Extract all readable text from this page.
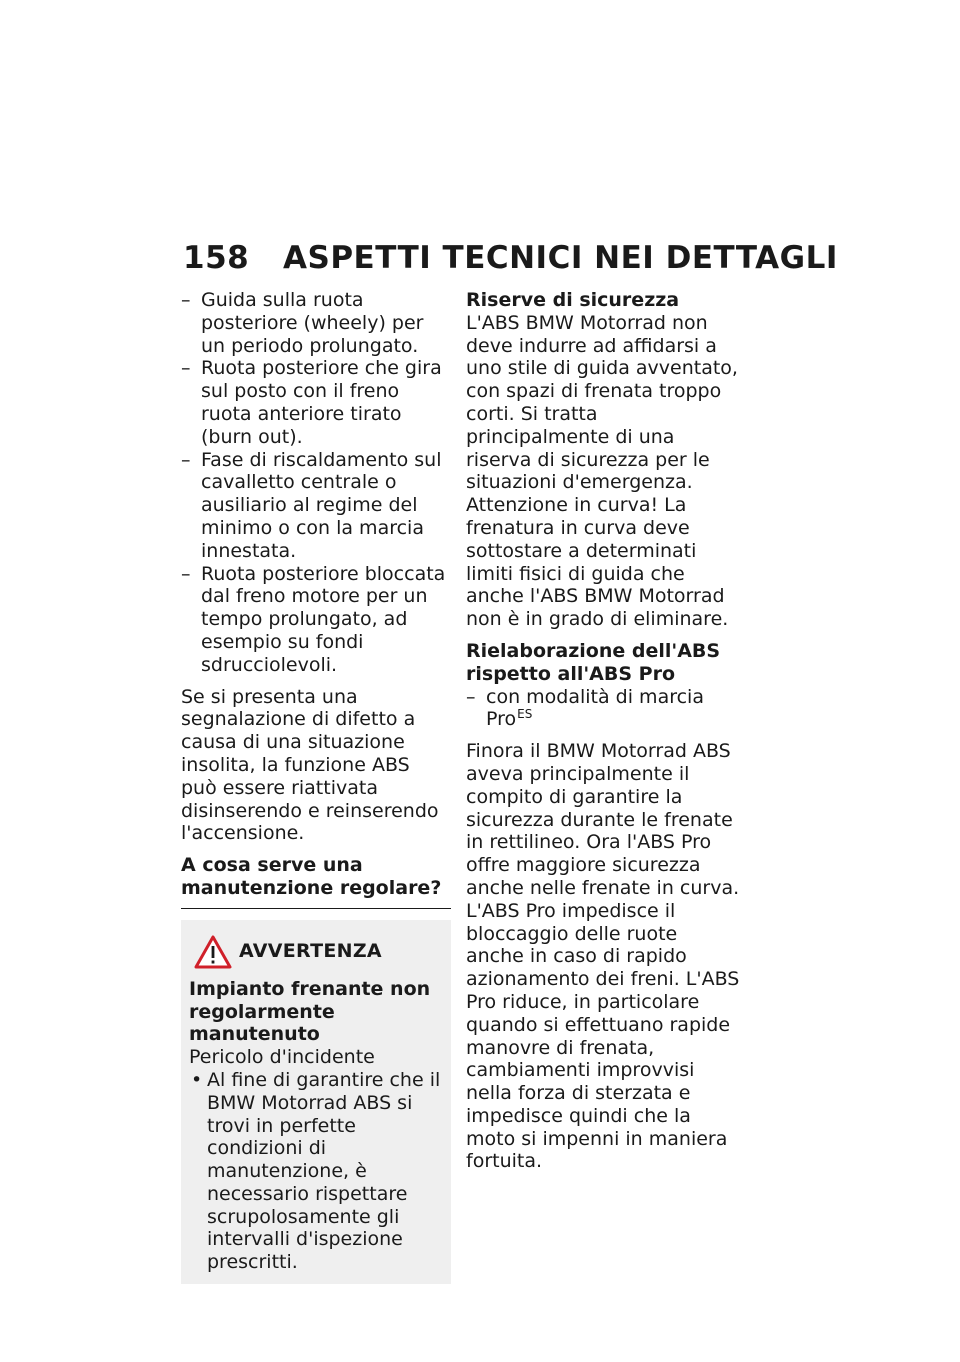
158 ASPETTI TECNICI NEI DETTAGLI

– Guida sulla ruota posteriore (wheely) per un periodo prolungato.

– Ruota posteriore che gira sul posto con il freno ruota anteriore tirato (burn out).

– Fase di riscaldamento sul cavalletto centrale o ausiliario al regime del minimo o con la marcia innestata.

– Ruota posteriore bloccata dal freno motore per un tempo prolungato, ad esempio su fondi sdrucciolevoli.

Se si presenta una segnalazione di difetto a causa di una situazione insolita, la funzione ABS può essere riattivata disinserendo e reinserendo l'accensione.

A cosa serve una manutenzione regolare?

AVVERTENZA

Impianto frenante non regolarmente manutenuto

Pericolo d'incidente

• Al fine di garantire che il BMW Motorrad ABS si trovi in perfette condizioni di manutenzione, è necessario rispettare scrupolosamente gli intervalli d'ispezione prescritti.

Riserve di sicurezza

L'ABS BMW Motorrad non deve indurre ad affidarsi a uno stile di guida avventato, con spazi di frenata troppo corti. Si tratta principalmente di una riserva di sicurezza per le situazioni d'emergenza. Attenzione in curva! La frenatura in curva deve sottostare a determinati limiti fisici di guida che anche l'ABS BMW Motorrad non è in grado di eliminare.

Rielaborazione dell'ABS rispetto all'ABS Pro

– con modalità di marcia Pro$^{ES}$

Finora il BMW Motorrad ABS aveva principalmente il compito di garantire la sicurezza durante le frenate in rettilineo. Ora l'ABS Pro offre maggiore sicurezza anche nelle frenate in curva. L'ABS Pro impedisce il bloccaggio delle ruote anche in caso di rapido azionamento dei freni. L'ABS Pro riduce, in particolare quando si effettuano rapide manovre di frenata, cambiamenti improvvisi nella forza di sterzata e impedisce quindi che la moto si impenni in maniera fortuita.
